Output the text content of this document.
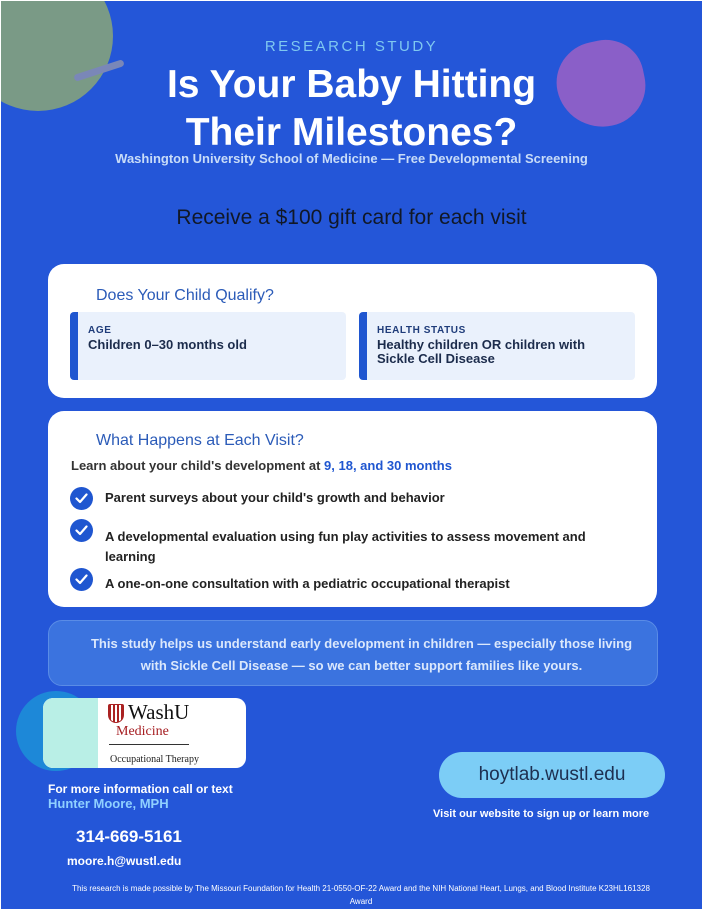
RESEARCH STUDY
Is Your Baby Hitting
Their Milestones?
Washington University School of Medicine — Free Developmental Screening
Receive a $100 gift card for each visit
Does Your Child Qualify?
AGE
Children 0–30 months old
HEALTH STATUS
Healthy children OR children with Sickle Cell Disease
What Happens at Each Visit?
Learn about your child's development at 9, 18, and 30 months
Parent surveys about your child's growth and behavior
A developmental evaluation using fun play activities to assess movement and learning
A one-on-one consultation with a pediatric occupational therapist
This study helps us understand early development in children — especially those living with Sickle Cell Disease — so we can better support families like yours.
WashU
Medicine
Occupational Therapy
For more information call or text
Hunter Moore, MPH
314-669-5161
moore.h@wustl.edu
hoytlab.wustl.edu
Visit our website to sign up or learn more
This research is made possible by The Missouri Foundation for Health 21-0550-OF-22 Award and the NIH National Heart, Lungs, and Blood Institute K23HL161328 Award
